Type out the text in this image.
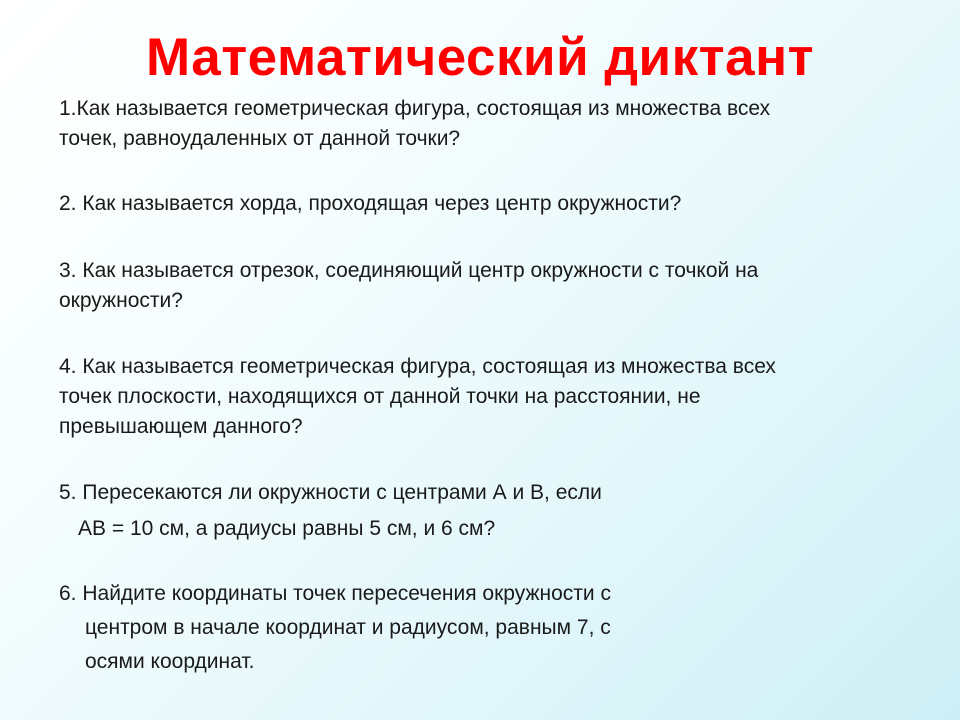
Математический диктант
1.Как называется геометрическая фигура, состоящая из множества всех
точек, равноудаленных от данной точки?
2. Как называется хорда, проходящая через центр окружности?
3. Как называется отрезок, соединяющий центр окружности с точкой на
окружности?
4. Как называется геометрическая фигура, состоящая из множества всех
точек плоскости, находящихся от данной точки на расстоянии, не
превышающем данного?
5. Пересекаются ли окружности с центрами А и В, если
АВ = 10 см, а радиусы равны 5 см, и 6 см?
6. Найдите координаты точек пересечения окружности с
центром в начале координат и радиусом, равным 7, с
осями координат.
